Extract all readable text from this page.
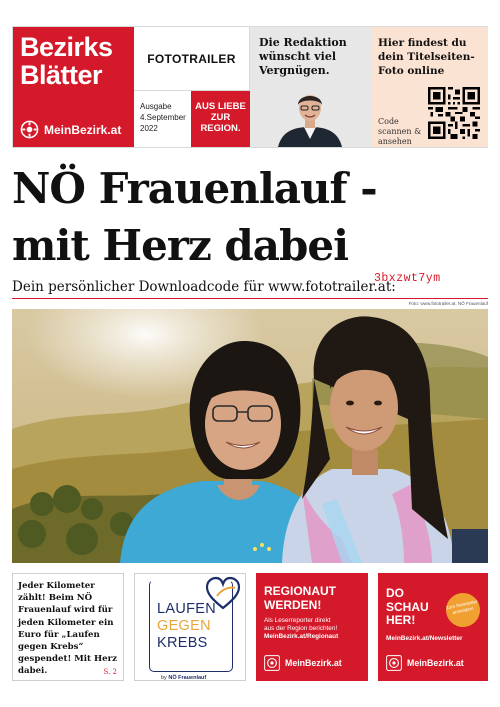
Bezirks
Blätter
MeinBezirk.at
FOTOTRAILER
Ausgabe
4.September
2022
AUS LIEBE
ZUR
REGION.
Die Redaktion wünscht viel Vergnügen.
Hier findest du dein Titelseiten-Foto online
Code scannen & ansehen
NÖ Frauenlauf -
mit Herz dabei
Dein persönlicher Downloadcode für www.fototrailer.at:
3bxzwt7ym
Foto: www.fototrailer.at, NÖ Frauenlauf
Jeder Kilometer zählt! Beim NÖ Frauenlauf wird für jeden Kilometer ein Euro für „Laufen gegen Krebs“ gespendet! Mit Herz dabei.	S. 2
LAUFEN
GEGEN
KREBS
by NÖ Frauenlauf
REGIONAUT
WERDEN!
Als Leserreporter direkt
aus der Region berichten!
MeinBezirk.at/Regionaut
MeinBezirk.at
DO
SCHAU
HER!
Zum Newsletter anmelden!
MeinBezirk.at/Newsletter
MeinBezirk.at
